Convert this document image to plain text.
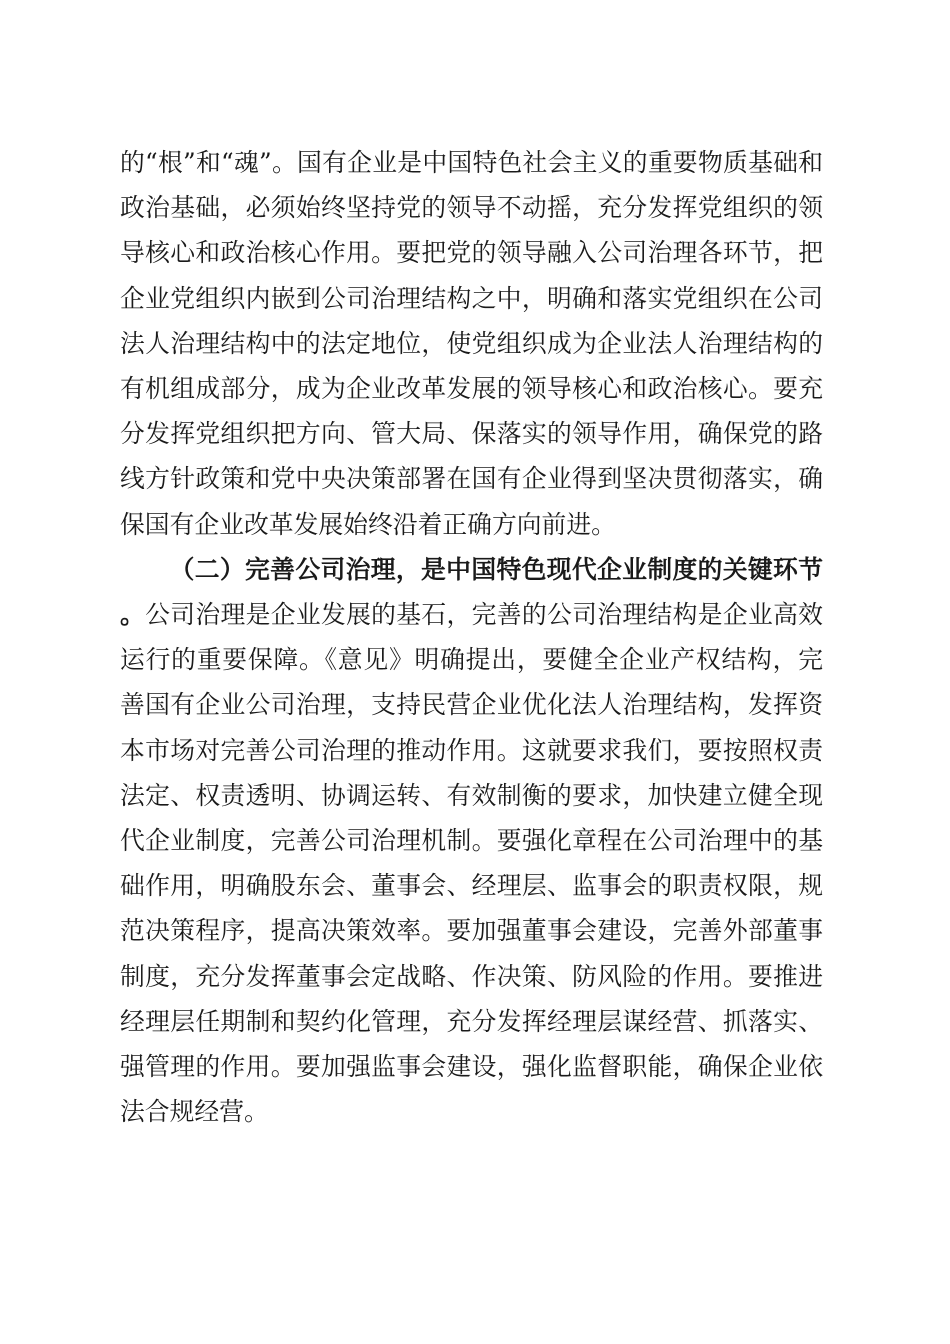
的“根”和“魂”。国有企业是中国特色社会主义的重要物质基础和政治基础，必须始终坚持党的领导不动摇，充分发挥党组织的领导核心和政治核心作用。要把党的领导融入公司治理各环节，把企业党组织内嵌到公司治理结构之中，明确和落实党组织在公司法人治理结构中的法定地位，使党组织成为企业法人治理结构的有机组成部分，成为企业改革发展的领导核心和政治核心。要充分发挥党组织把方向、管大局、保落实的领导作用，确保党的路线方针政策和党中央决策部署在国有企业得到坚决贯彻落实，确保国有企业改革发展始终沿着正确方向前进。

（二）完善公司治理，是中国特色现代企业制度的关键环节。公司治理是企业发展的基石，完善的公司治理结构是企业高效运行的重要保障。《意见》明确提出，要健全企业产权结构，完善国有企业公司治理，支持民营企业优化法人治理结构，发挥资本市场对完善公司治理的推动作用。这就要求我们，要按照权责法定、权责透明、协调运转、有效制衡的要求，加快建立健全现代企业制度，完善公司治理机制。要强化章程在公司治理中的基础作用，明确股东会、董事会、经理层、监事会的职责权限，规范决策程序，提高决策效率。要加强董事会建设，完善外部董事制度，充分发挥董事会定战略、作决策、防风险的作用。要推进经理层任期制和契约化管理，充分发挥经理层谋经营、抓落实、强管理的作用。要加强监事会建设，强化监督职能，确保企业依法合规经营。
